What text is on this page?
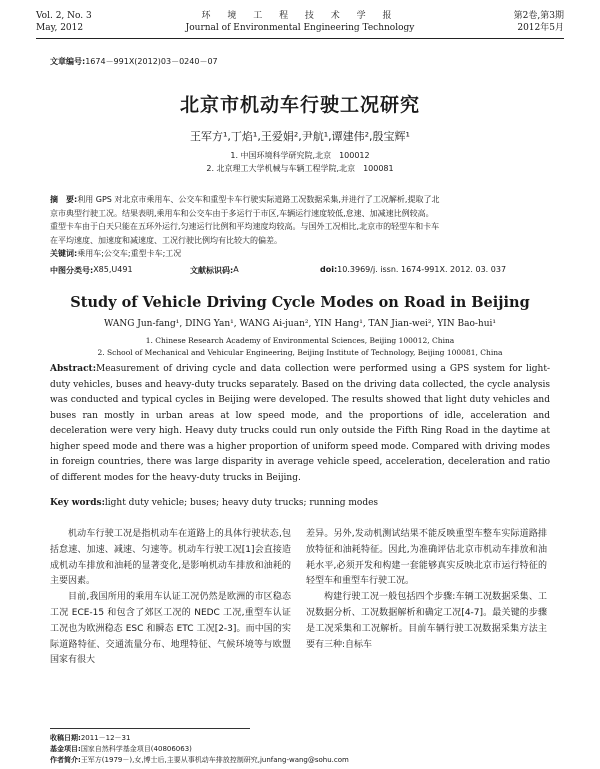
Vol. 2, No. 3
May, 2012
环 境 工 程 技 术 学 报
Journal of Environmental Engineering Technology
第2卷,第3期
2012年5月
文章编号:1674－991X(2012)03－0240－07
北京市机动车行驶工况研究
王军方¹,丁焰¹,王爱娟²,尹航¹,谭建伟²,殷宝辉¹
1. 中国环境科学研究院,北京　100012
2. 北京理工大学机械与车辆工程学院,北京　100081
摘　要:利用 GPS 对北京市乘用车、公交车和重型卡车行驶实际道路工况数据采集,并进行了工况解析,提取了北
京市典型行驶工况。结果表明,乘用车和公交车由于多运行于市区,车辆运行速度较低,怠速、加减速比例较高。
重型卡车由于白天只能在五环外运行,匀速运行比例和平均速度均较高。与国外工况相比,北京市的轻型车和卡车
在平均速度、加速度和减速度、工况行驶比例均有比较大的偏差。
关键词:乘用车;公交车;重型卡车;工况
中图分类号: X85,U491	文献标识码: A	doi: 10.3969/j. issn. 1674-991X. 2012. 03. 037
Study of Vehicle Driving Cycle Modes on Road in Beijing
WANG Jun-fang¹, DING Yan¹, WANG Ai-juan², YIN Hang¹, TAN Jian-wei², YIN Bao-hui¹
1. Chinese Research Academy of Environmental Sciences, Beijing 100012, China
2. School of Mechanical and Vehicular Engineering, Beijing Institute of Technology, Beijing 100081, China
Abstract:Measurement of driving cycle and data collection were performed using a GPS system for light-duty vehicles, buses and heavy-duty trucks separately. Based on the driving data collected, the cycle analysis was conducted and typical cycles in Beijing were developed. The results showed that light duty vehicles and buses ran mostly in urban areas at low speed mode, and the proportions of idle, acceleration and deceleration were very high. Heavy duty trucks could run only outside the Fifth Ring Road in the daytime at higher speed mode and there was a higher proportion of uniform speed mode. Compared with driving modes in foreign countries, there was large disparity in average vehicle speed, acceleration, deceleration and ratio of different modes for the heavy-duty trucks in Beijing.
Key words:light duty vehicle; buses; heavy duty trucks; running modes

机动车行驶工况是指机动车在道路上的具体行驶状态,包括怠速、加速、减速、匀速等。机动车行驶工况[1]会直接造成机动车排放和油耗的显著变化,是影响机动车排放和油耗的主要因素。

目前,我国所用的乘用车认证工况仍然是欧洲的市区稳态工况 ECE-15 和包含了郊区工况的 NEDC 工况,重型车认证工况也为欧洲稳态 ESC 和瞬态 ETC 工况[2-3]。而中国的实际道路特征、交通流量分布、地理特征、气候环境等与欧盟国家有很大

差异。另外,发动机测试结果不能反映重型车整车实际道路排放特征和油耗特征。因此,为准确评估北京市机动车排放和油耗水平,必须开发和构建一套能够真实反映北京市运行特征的轻型车和重型车行驶工况。

构建行驶工况一般包括四个步骤:车辆工况数据采集、工况数据分析、工况数据解析和确定工况[4-7]。最关键的步骤是工况采集和工况解析。目前车辆行驶工况数据采集方法主要有三种:自标车

收稿日期:2011－12－31
基金项目:国家自然科学基金项目(40806063)
作者简介:王军方(1979－),女,博士后,主要从事机动车排放控制研究,junfang-wang@sohu.com
